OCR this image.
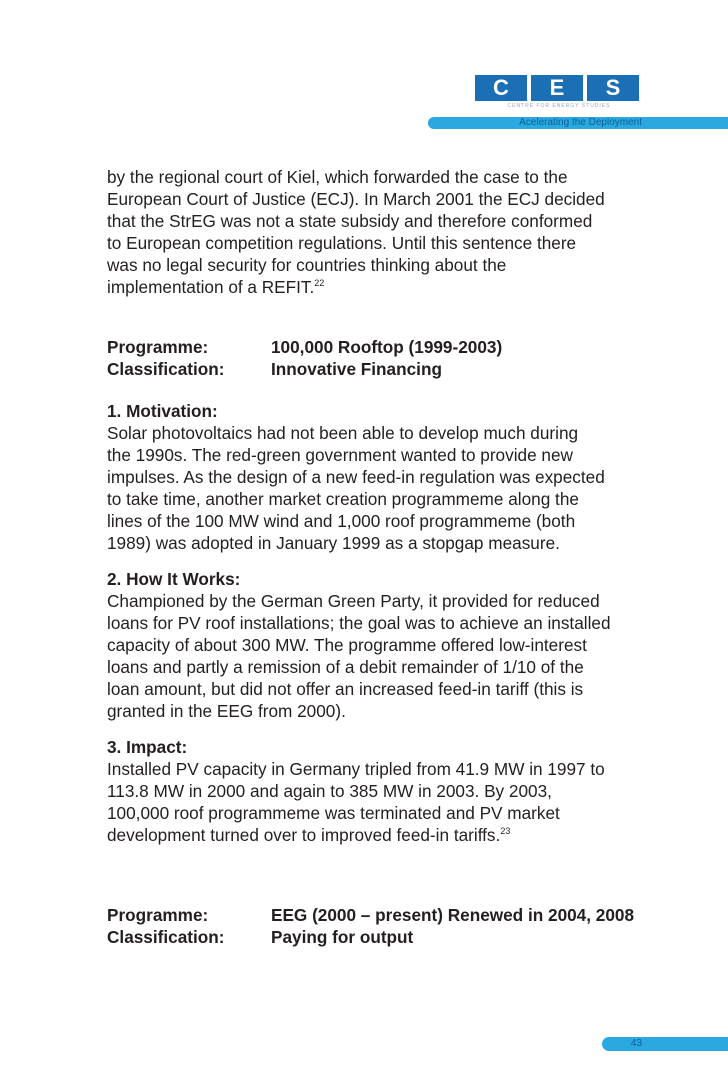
C	E	S
CENTRE FOR ENERGY STUDIES
Acelerating the Deployment

by the regional court of Kiel, which forwarded the case to the
European Court of Justice (ECJ). In March 2001 the ECJ decided
that the StrEG was not a state subsidy and therefore conformed
to European competition regulations. Until this sentence there
was no legal security for countries thinking about the
implementation of a REFIT.$^{22}$

Programme:	100,000 Rooftop (1999-2003)
Classification:	Innovative Financing
1. Motivation:
Solar photovoltaics had not been able to develop much during
the 1990s. The red-green government wanted to provide new
impulses. As the design of a new feed-in regulation was expected
to take time, another market creation programmeme along the
lines of the 100 MW wind and 1,000 roof programmeme (both
1989) was adopted in January 1999 as a stopgap measure.
2. How It Works:
Championed by the German Green Party, it provided for reduced
loans for PV roof installations; the goal was to achieve an installed
capacity of about 300 MW. The programme offered low-interest
loans and partly a remission of a debit remainder of 1/10 of the
loan amount, but did not offer an increased feed-in tariff (this is
granted in the EEG from 2000).
3. Impact:
Installed PV capacity in Germany tripled from 41.9 MW in 1997 to
113.8 MW in 2000 and again to 385 MW in 2003. By 2003,
100,000 roof programmeme was terminated and PV market
development turned over to improved feed-in tariffs.$^{23}$
Programme:	EEG (2000 – present) Renewed in 2004, 2008
Classification:	Paying for output
43
